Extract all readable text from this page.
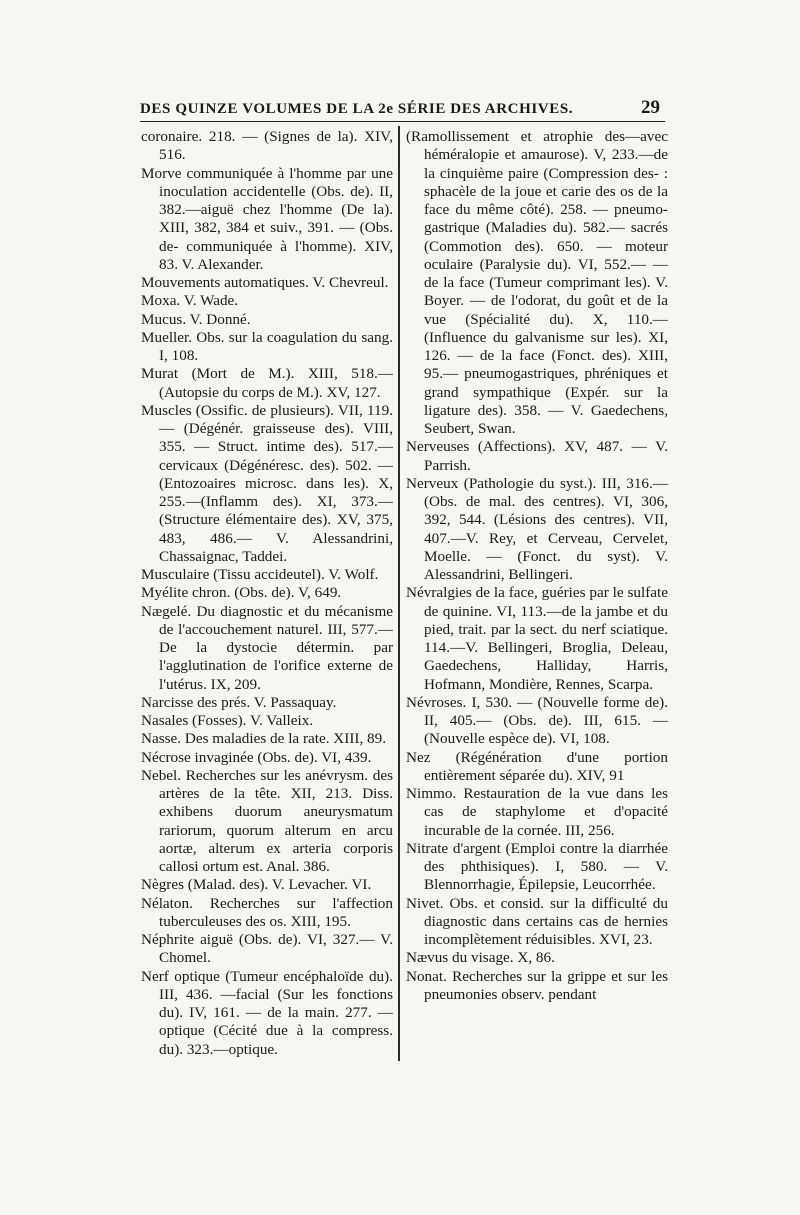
DES QUINZE VOLUMES DE LA 2e SÉRIE DES ARCHIVES.	29

coronaire. 218. — (Signes de la). XIV, 516.

Morve communiquée à l'homme par une inoculation accidentelle (Obs. de). II, 382.—aiguë chez l'homme (De la). XIII, 382, 384 et suiv., 391. — (Obs. de- communiquée à l'homme). XIV, 83. V. Alexander.

Mouvements automatiques. V. Chevreul.

Moxa. V. Wade.

Mucus. V. Donné.

Mueller. Obs. sur la coagulation du sang. I, 108.

Murat (Mort de M.). XIII, 518.—(Autopsie du corps de M.). XV, 127.

Muscles (Ossific. de plusieurs). VII, 119. — (Dégénér. graisseuse des). VIII, 355. — Struct. intime des). 517.—cervicaux (Dégénéresc. des). 502. — (Entozoaires microsc. dans les). X, 255.—(Inflamm des). XI, 373.—(Structure élémentaire des). XV, 375, 483, 486.— V. Alessandrini, Chassaignac, Taddei.

Musculaire (Tissu accideutel). V. Wolf.

Myélite chron. (Obs. de). V, 649.

Nægelé. Du diagnostic et du mécanisme de l'accouchement naturel. III, 577.—De la dystocie détermin. par l'agglutination de l'orifice externe de l'utérus. IX, 209.

Narcisse des prés. V. Passaquay.

Nasales (Fosses). V. Valleix.

Nasse. Des maladies de la rate. XIII, 89.

Nécrose invaginée (Obs. de). VI, 439.

Nebel. Recherches sur les anévrysm. des artères de la tête. XII, 213. Diss. exhibens duorum aneurysmatum rariorum, quorum alterum en arcu aortæ, alterum ex arteria corporis callosi ortum est. Anal. 386.

Nègres (Malad. des). V. Levacher. VI.

Nélaton. Recherches sur l'affection tuberculeuses des os. XIII, 195.

Néphrite aiguë (Obs. de). VI, 327.— V. Chomel.

Nerf optique (Tumeur encéphaloïde du). III, 436. —facial (Sur les fonctions du). IV, 161. — de la main. 277. — optique (Cécité due à la compress. du). 323.—optique.

(Ramollissement et atrophie des—avec héméralopie et amaurose). V, 233.—de la cinquième paire (Compression des- : sphacèle de la joue et carie des os de la face du même côté). 258. — pneumo-gastrique (Maladies du). 582.— sacrés (Commotion des). 650. — moteur oculaire (Paralysie du). VI, 552.— — de la face (Tumeur comprimant les). V. Boyer. — de l'odorat, du goût et de la vue (Spécialité du). X, 110.—(Influence du galvanisme sur les). XI, 126. — de la face (Fonct. des). XIII, 95.— pneumogastriques, phréniques et grand sympathique (Expér. sur la ligature des). 358. — V. Gaedechens, Seubert, Swan.

Nerveuses (Affections). XV, 487. — V. Parrish.

Nerveux (Pathologie du syst.). III, 316.— (Obs. de mal. des centres). VI, 306, 392, 544. (Lésions des centres). VII, 407.—V. Rey, et Cerveau, Cervelet, Moelle. — (Fonct. du syst). V. Alessandrini, Bellingeri.

Névralgies de la face, guéries par le sulfate de quinine. VI, 113.—de la jambe et du pied, trait. par la sect. du nerf sciatique. 114.—V. Bellingeri, Broglia, Deleau, Gaedechens, Halliday, Harris, Hofmann, Mondière, Rennes, Scarpa.

Névroses. I, 530. — (Nouvelle forme de). II, 405.— (Obs. de). III, 615. — (Nouvelle espèce de). VI, 108.

Nez (Régénération d'une portion entièrement séparée du). XIV, 91

Nimmo. Restauration de la vue dans les cas de staphylome et d'opacité incurable de la cornée. III, 256.

Nitrate d'argent (Emploi contre la diarrhée des phthisiques). I, 580. — V. Blennorrhagie, Épilepsie, Leucorrhée.

Nivet. Obs. et consid. sur la difficulté du diagnostic dans certains cas de hernies incomplètement réduisibles. XVI, 23.

Nævus du visage. X, 86.

Nonat. Recherches sur la grippe et sur les pneumonies observ. pendant
